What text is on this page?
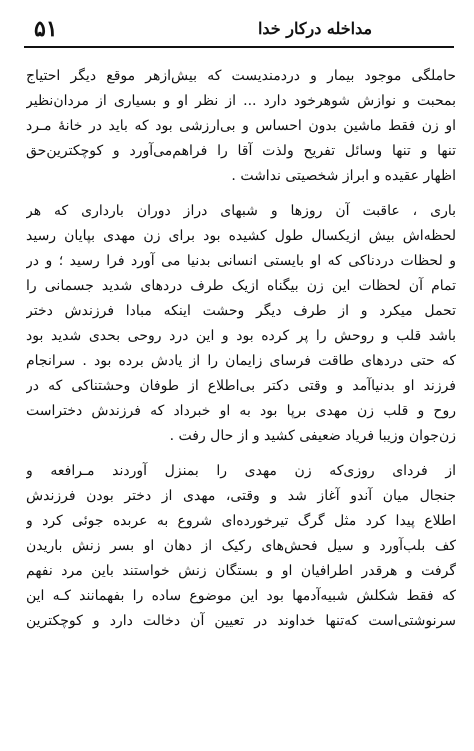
۵۱	مداخله درکار خدا
حاملگی موجود بیمار و دردمندیست که بیش‌ازهر موقع دیگر احتیاج
بمحبت و نوازش شوهرخود دارد ... از نظر او و بسیاری از مردان‌نظیر
او زن فقط ماشین بدون احساس و بی‌ارزشی بود که باید در خانهٔ مـرد
تنها و تنها وسائل تفریح ولذت آقا را فراهم‌می‌آورد و کوچکترین‌حق
اظهار عقیده و ابراز شخصیتی نداشت .
باری ، عاقبت آن روزها و شبهای دراز دوران بارداری که هر
لحظه‌اش بیش ازیکسال طول کشیده بود برای زن مهدی بپایان رسید
و لحظات دردناکی که او بایستی انسانی بدنیا می آورد فرا رسید ؛ و در
تمام آن لحظات این زن بیگناه ازیک طرف دردهای شدید جسمانی را
تحمل میکرد و از طرف دیگر وحشت اینکه مبادا فرزندش دختر
باشد قلب و روحش را پر کرده بود و این درد روحی بحدی شدید بود
که حتی دردهای طاقت فرسای زایمان را از یادش برده بود . سرانجام
فرزند او بدنیاآمد و وقتی دکتر بی‌اطلاع از طوفان وحشتناکی که در
روح و قلب زن مهدی برپا بود به او خبرداد که فرزندش دختراست
زن‌جوان وزیبا فریاد ضعیفی کشید و از حال رفت .
از فردای روزی‌که زن مهدی را بمنزل آوردند مـرافعه و
جنجال میان آندو آغاز شد و وقتی، مهدی از دختر بودن فرزندش
اطلاع پیدا کرد مثل گرگ تیرخورده‌ای شروع به عربده جوئی کرد و
کف بلب‌آورد و سیل فحش‌های رکیک از دهان او بسر زنش باریدن
گرفت و هرقدر اطرافیان او و بستگان زنش خواستند باین مرد نفهم
که فقط شکلش شبیه‌آدمها بود این موضوع ساده را بفهمانند کـه این
سرنوشتی‌است که‌تنها خداوند در تعیین آن دخالت دارد و کوچکترین
